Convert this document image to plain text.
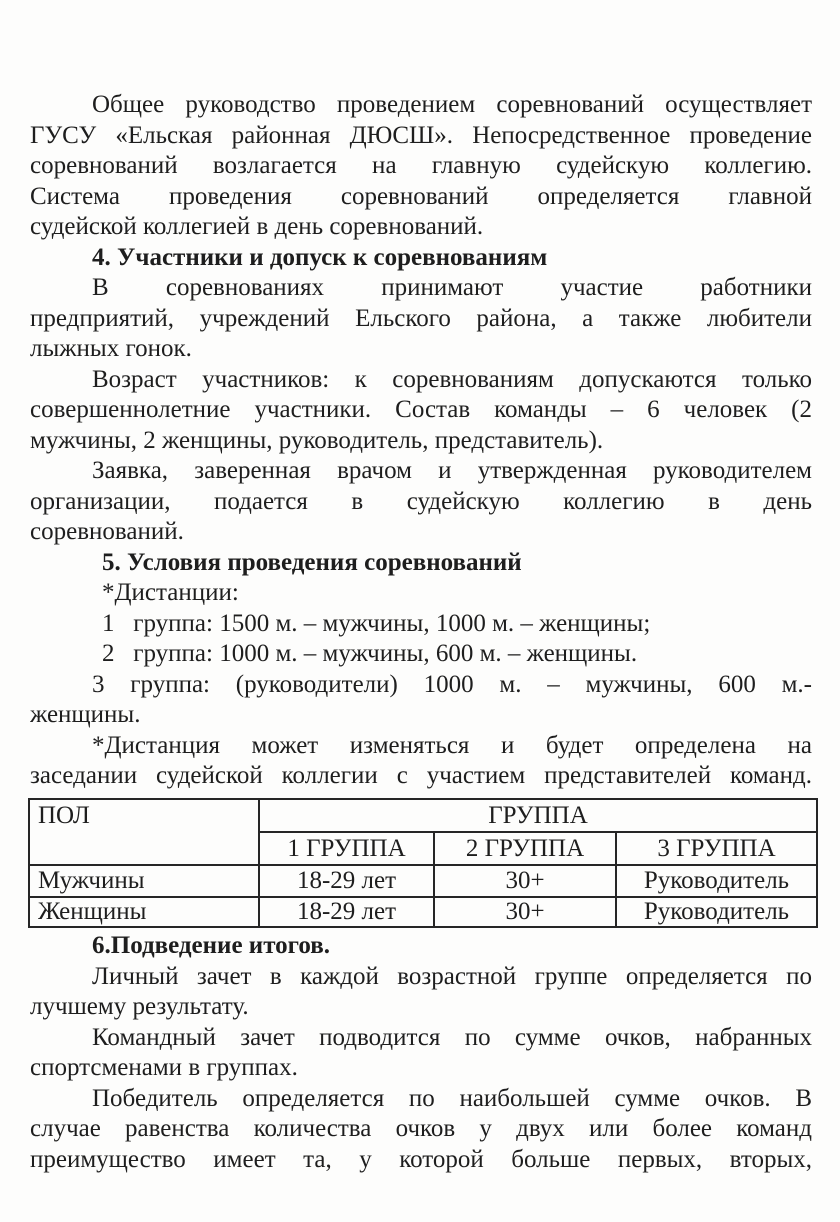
Общее руководство проведением соревнований осуществляет
ГУСУ «Ельская районная ДЮСШ». Непосредственное проведение
соревнований возлагается на главную судейскую коллегию.
Система проведения соревнований определяется главной
судейской коллегией в день соревнований.
4. Участники и допуск к соревнованиям
В соревнованиях принимают участие работники
предприятий, учреждений Ельского района, а также любители
лыжных гонок.
Возраст участников: к соревнованиям допускаются только
совершеннолетние участники. Состав команды – 6 человек (2
мужчины, 2 женщины, руководитель, представитель).
Заявка, заверенная врачом и утвержденная руководителем
организации, подается в судейскую коллегию в день
соревнований.
5. Условия проведения соревнований
*Дистанции:
1   группа: 1500 м. – мужчины, 1000 м. – женщины;
2   группа: 1000 м. – мужчины, 600 м. – женщины.
3 группа: (руководители) 1000 м. – мужчины, 600 м.-
женщины.
*Дистанция может изменяться и будет определена на
заседании судейской коллегии с участием представителей команд.
ПОЛ	ГРУППА		
	1 ГРУППА	2 ГРУППА	3 ГРУППА
Мужчины	18-29 лет	30+	Руководитель
Женщины	18-29 лет	30+	Руководитель
6.Подведение итогов.
Личный зачет в каждой возрастной группе определяется по
лучшему результату.
Командный зачет подводится по сумме очков, набранных
спортсменами в группах.
Победитель определяется по наибольшей сумме очков. В
случае равенства количества очков у двух или более команд
преимущество имеет та, у которой больше первых, вторых,
